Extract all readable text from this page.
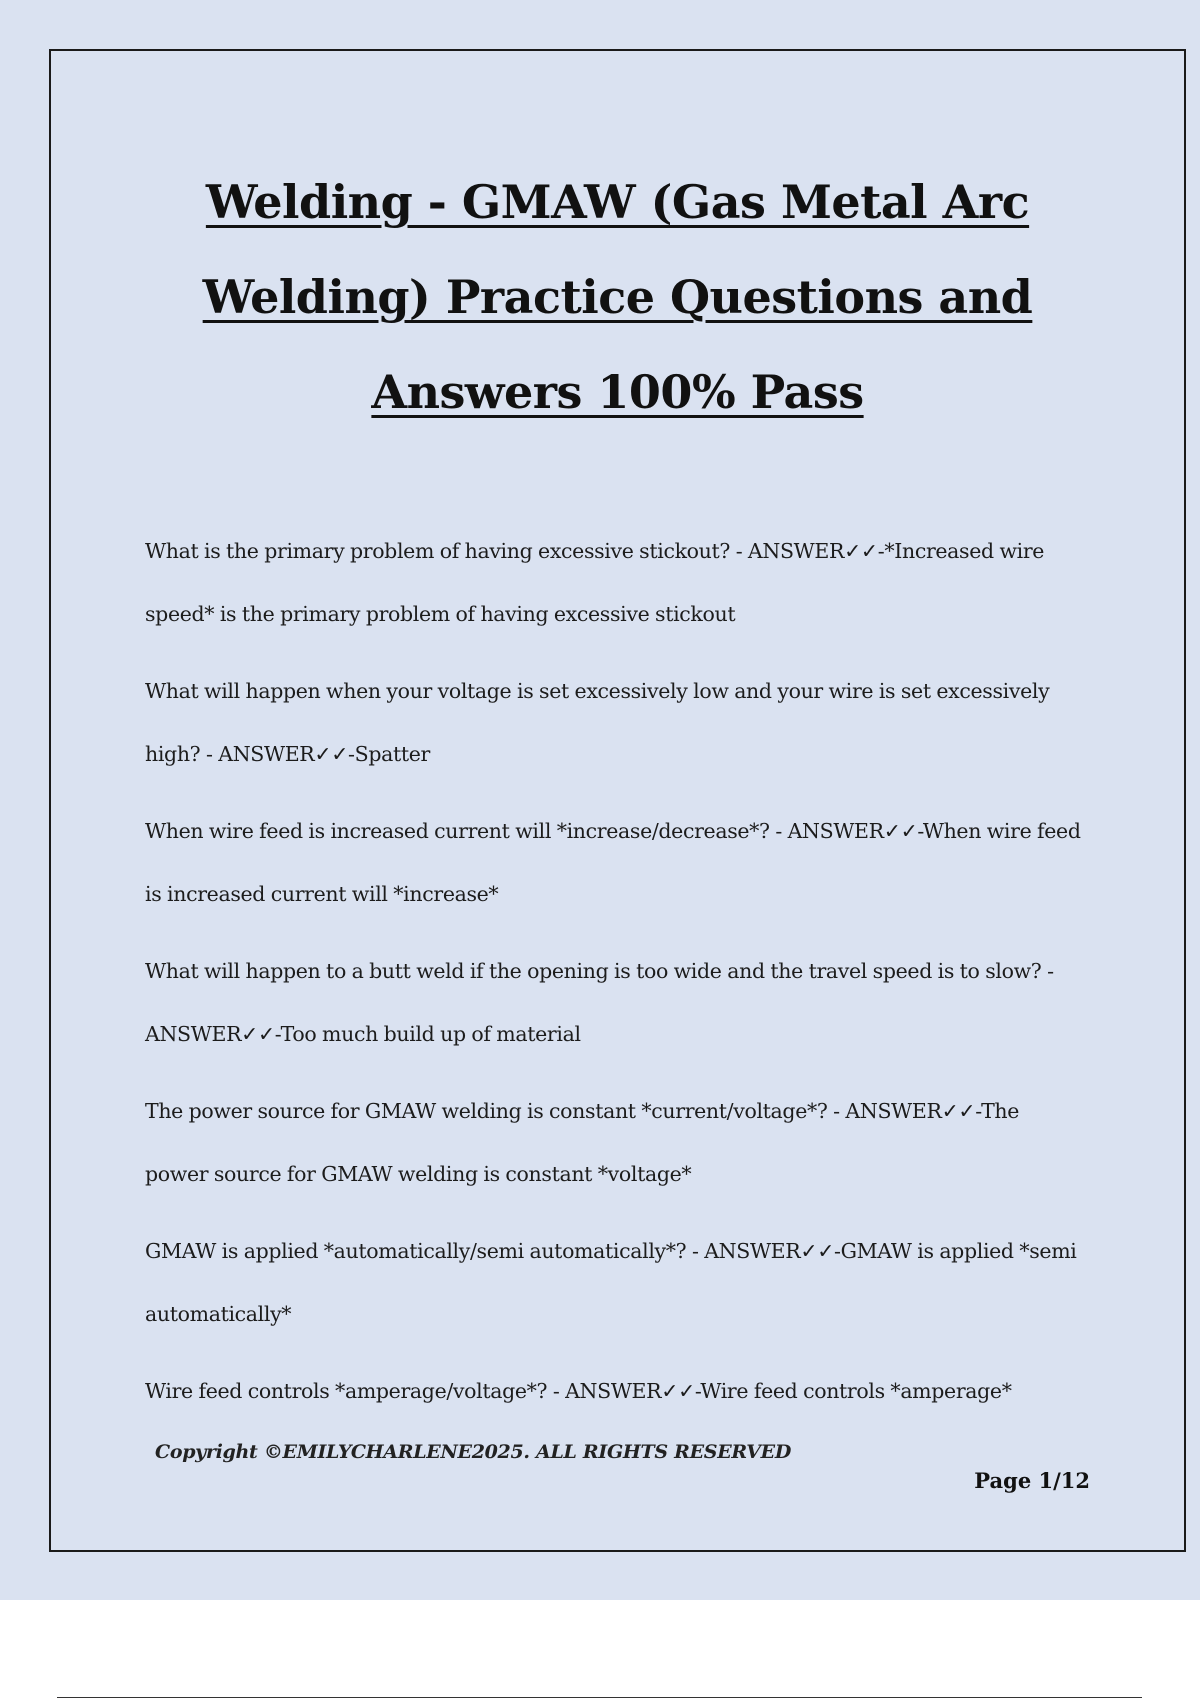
Welding - GMAW (Gas Metal Arc Welding) Practice Questions and Answers 100% Pass
What is the primary problem of having excessive stickout? - ANSWER✓✓-*Increased wire speed* is the primary problem of having excessive stickout
What will happen when your voltage is set excessively low and your wire is set excessively high? - ANSWER✓✓-Spatter
When wire feed is increased current will *increase/decrease*? - ANSWER✓✓-When wire feed is increased current will *increase*
What will happen to a butt weld if the opening is too wide and the travel speed is to slow? - ANSWER✓✓-Too much build up of material
The power source for GMAW welding is constant *current/voltage*? - ANSWER✓✓-The power source for GMAW welding is constant *voltage*
GMAW is applied *automatically/semi automatically*? - ANSWER✓✓-GMAW is applied *semi automatically*
Wire feed controls *amperage/voltage*? - ANSWER✓✓-Wire feed controls *amperage*

Copyright ©EMILYCHARLENE2025. ALL RIGHTS RESERVED

Page 1/12
